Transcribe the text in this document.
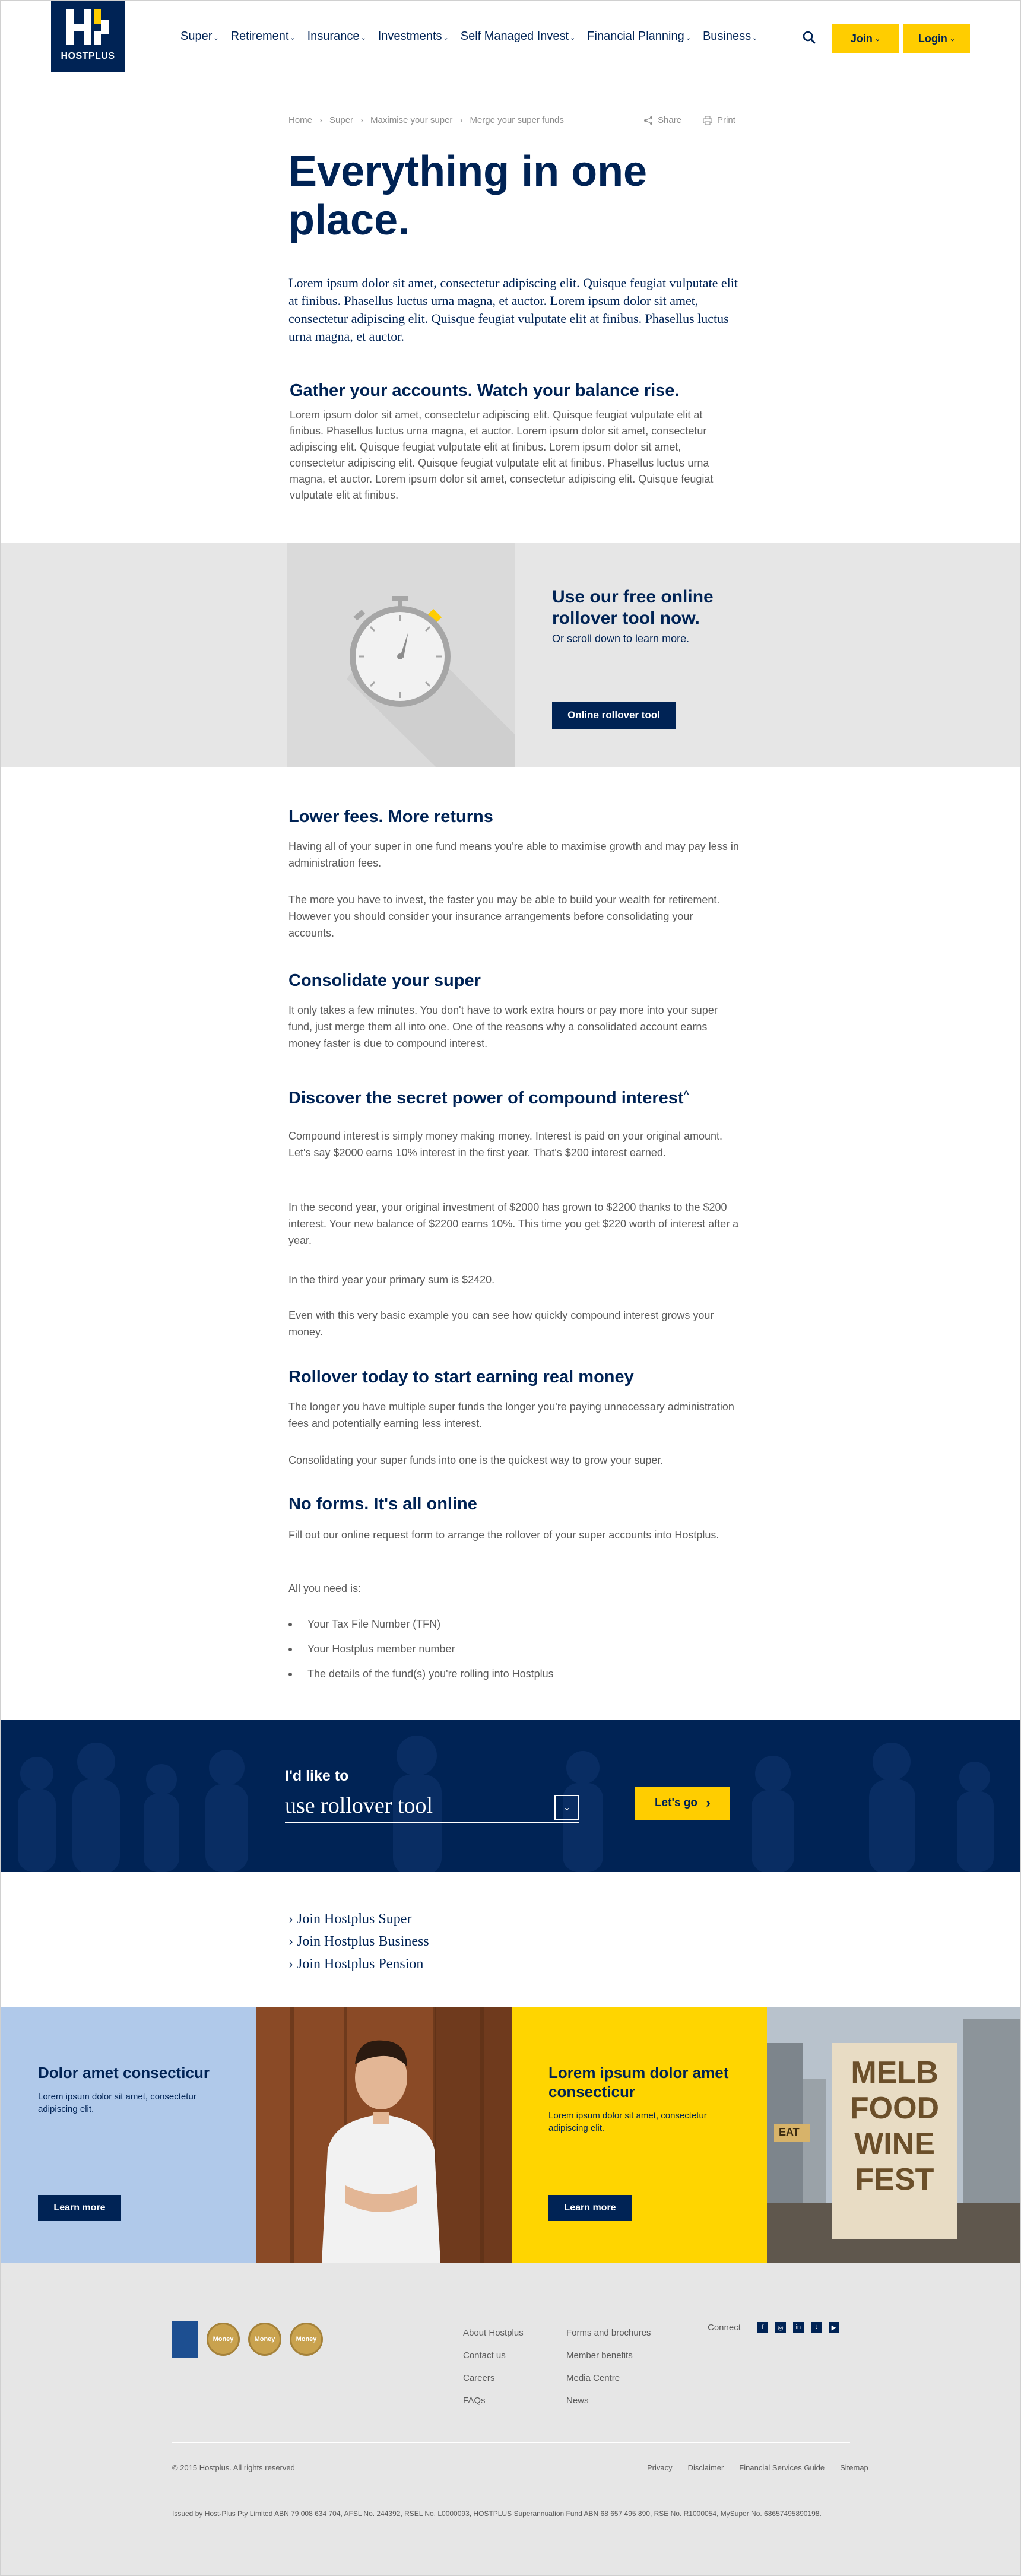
HOSTPLUS
Super ⌄ Retirement ⌄ Insurance ⌄ Investments ⌄ Self Managed Invest ⌄ Financial Planning ⌄ Business ⌄	Join ⌄	Login ⌄
Home › Super › Maximise your super › Merge your super funds	Share	Print
Everything in one place.

Lorem ipsum dolor sit amet, consectetur adipiscing elit. Quisque feugiat vulputate elit at finibus. Phasellus luctus urna magna, et auctor. Lorem ipsum dolor sit amet, consectetur adipiscing elit. Quisque feugiat vulputate elit at finibus. Phasellus luctus urna magna, et auctor.

Gather your accounts. Watch your balance rise.

Lorem ipsum dolor sit amet, consectetur adipiscing elit. Quisque feugiat vulputate elit at finibus. Phasellus luctus urna magna, et auctor. Lorem ipsum dolor sit amet, consectetur adipiscing elit. Quisque feugiat vulputate elit at finibus. Lorem ipsum dolor sit amet, consectetur adipiscing elit. Quisque feugiat vulputate elit at finibus. Phasellus luctus urna magna, et auctor. Lorem ipsum dolor sit amet, consectetur adipiscing elit. Quisque feugiat vulputate elit at finibus.

Use our free online rollover tool now.
Or scroll down to learn more.
Online rollover tool
Lower fees. More returns

Having all of your super in one fund means you're able to maximise growth and may pay less in administration fees.

The more you have to invest, the faster you may be able to build your wealth for retirement. However you should consider your insurance arrangements before consolidating your accounts.

Consolidate your super

It only takes a few minutes. You don't have to work extra hours or pay more into your super fund, just merge them all into one. One of the reasons why a consolidated account earns money faster is due to compound interest.

Discover the secret power of compound interest^

Compound interest is simply money making money. Interest is paid on your original amount. Let's say $2000 earns 10% interest in the first year. That's $200 interest earned.

In the second year, your original investment of $2000 has grown to $2200 thanks to the $200 interest. Your new balance of $2200 earns 10%. This time you get $220 worth of interest after a year.

In the third year your primary sum is $2420.

Even with this very basic example you can see how quickly compound interest grows your money.

Rollover today to start earning real money

The longer you have multiple super funds the longer you're paying unnecessary administration fees and potentially earning less interest.

Consolidating your super funds into one is the quickest way to grow your super.

No forms. It's all online

Fill out our online request form to arrange the rollover of your super accounts into Hostplus.

All you need is:

Your Tax File Number (TFN)
Your Hostplus member number
The details of the fund(s) you're rolling into Hostplus
I'd like to
use rollover tool	⌄	Let's go ›
› Join Hostplus Super
› Join Hostplus Business
› Join Hostplus Pension
Dolor amet consecticur
Lorem ipsum dolor sit amet, consectetur adipiscing elit.
Learn more
Lorem ipsum dolor amet consecticur
Lorem ipsum dolor sit amet, consectetur adipiscing elit.
Learn more
MELB
FOOD
WINE
FEST
EAT
Money	Money	Money
About Hostplus
Contact us
Careers
FAQs
Forms and brochures
Member benefits
Media Centre
News
Connect	f	◎	in	t	▶
© 2015 Hostplus. All rights reserved	Privacy Disclaimer Financial Services Guide Sitemap
Issued by Host-Plus Pty Limited ABN 79 008 634 704, AFSL No. 244392, RSEL No. L0000093, HOSTPLUS Superannuation Fund ABN 68 657 495 890, RSE No. R1000054, MySuper No. 68657495890198.
